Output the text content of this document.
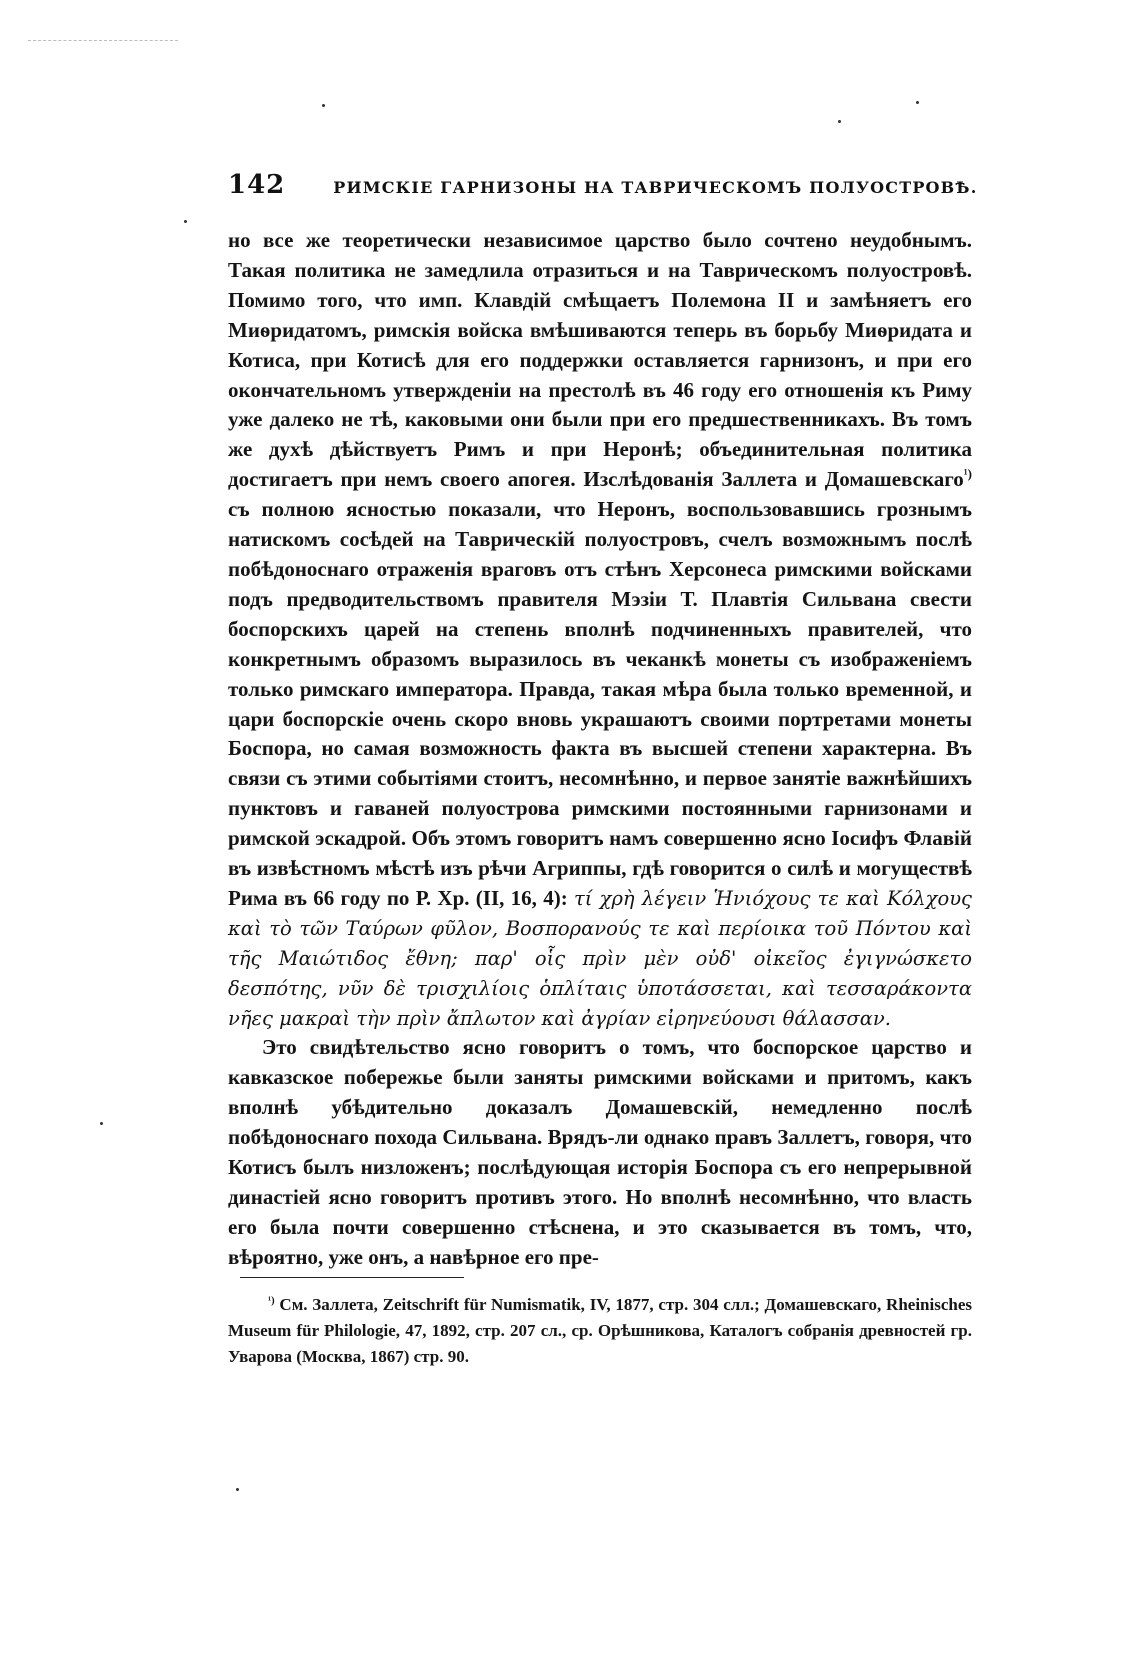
142	РИМСКІЕ ГАРНИЗОНЫ НА ТАВРИЧЕСКОМЪ ПОЛУОСТРОВѢ.

но все же теоретически независимое царство было сочтено неудобнымъ. Такая политика не замедлила отразиться и на Таврическомъ полуостровѣ. Помимо того, что имп. Клавдій смѣщаетъ Полемона II и замѣняетъ его Миѳридатомъ, римскія войска вмѣшиваются теперь въ борьбу Миѳридата и Котиса, при Котисѣ для его поддержки оставляется гарнизонъ, и при его окончательномъ утвержденіи на престолѣ въ 46 году его отношенія къ Риму уже далеко не тѣ, каковыми они были при его предшественникахъ. Въ томъ же духѣ дѣйствуетъ Римъ и при Неронѣ; объединительная политика достигаетъ при немъ своего апогея. Изслѣдованія Заллета и Домашевскаго$^{^1)}$ съ полною ясностью показали, что Неронъ, воспользовавшись грознымъ натискомъ сосѣдей на Таврическій полуостровъ, счелъ возможнымъ послѣ побѣдоноснаго отраженія враговъ отъ стѣнъ Херсонеса римскими войсками подъ предводительствомъ правителя Мэзіи Т. Плавтія Сильвана свести боспорскихъ царей на степень вполнѣ подчиненныхъ правителей, что конкретнымъ образомъ выразилось въ чеканкѣ монеты съ изображеніемъ только римскаго императора. Правда, такая мѣра была только временной, и цари боспорскіе очень скоро вновь украшаютъ своими портретами монеты Боспора, но самая возможность факта въ высшей степени характерна. Въ связи съ этими событіями стоитъ, несомнѣнно, и первое занятіе важнѣйшихъ пунктовъ и гаваней полуострова римскими постоянными гарнизонами и римской эскадрой. Объ этомъ говоритъ намъ совершенно ясно Іосифъ Флавій въ извѣстномъ мѣстѣ изъ рѣчи Агриппы, гдѣ говорится о силѣ и могуществѣ Рима въ 66 году по Р. Хр. (II, 16, 4): τί χρὴ λέγειν Ἡνιόχους τε καὶ Κόλχους καὶ τὸ τῶν Ταύρων φῦλον, Βοσπορανούς τε καὶ περίοικα τοῦ Πόντου καὶ τῆς Μαιώτιδος ἔθνη; παρ' οἷς πρὶν μὲν οὐδ' οἰκεῖος ἐγιγνώσκετο δεσπότης, νῦν δὲ τρισχιλίοις ὁπλίταις ὑποτάσσεται, καὶ τεσσαράκοντα νῆες μακραὶ τὴν πρὶν ἄπλωτον καὶ ἀγρίαν εἰρηνεύουσι θάλασσαν.

Это свидѣтельство ясно говоритъ о томъ, что боспорское царство и кавказское побережье были заняты римскими войсками и притомъ, какъ вполнѣ убѣдительно доказалъ Домашевскій, немедленно послѣ побѣдоноснаго похода Сильвана. Врядъ-ли однако правъ Заллетъ, говоря, что Котисъ былъ низложенъ; послѣдующая исторія Боспора съ его непрерывной династіей ясно говоритъ противъ этого. Но вполнѣ несомнѣнно, что власть его была почти совершенно стѣснена, и это сказывается въ томъ, что, вѣроятно, уже онъ, а навѣрное его пре-

$^{^1)}$ См. Заллета, Zeitschrift für Numismatik, IV, 1877, стр. 304 слл.; Домашевскаго, Rheinisches Museum für Philologie, 47, 1892, стр. 207 сл., ср. Орѣшникова, Каталогъ собранія древностей гр. Уварова (Москва, 1867) стр. 90.
